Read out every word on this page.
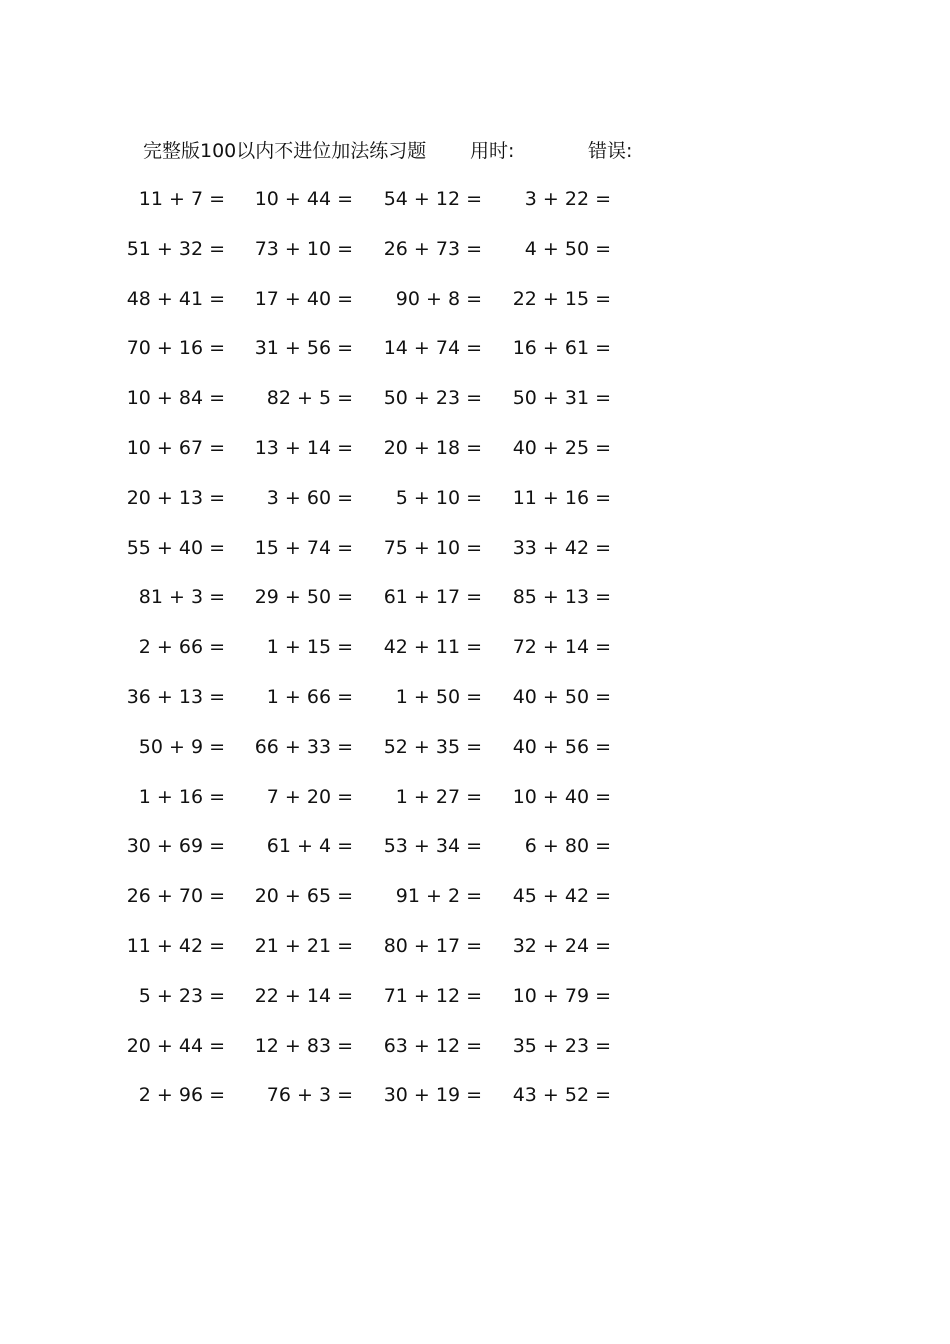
完整版100以内不进位加法练习题 用时:	错误:
11 + 7 = 10 + 44 = 54 + 12 = 3 + 22 =
51 + 32 = 73 + 10 = 26 + 73 = 4 + 50 =
48 + 41 = 17 + 40 = 90 + 8 = 22 + 15 =
70 + 16 = 31 + 56 = 14 + 74 = 16 + 61 =
10 + 84 = 82 + 5 = 50 + 23 = 50 + 31 =
10 + 67 = 13 + 14 = 20 + 18 = 40 + 25 =
20 + 13 = 3 + 60 = 5 + 10 = 11 + 16 =
55 + 40 = 15 + 74 = 75 + 10 = 33 + 42 =
81 + 3 = 29 + 50 = 61 + 17 = 85 + 13 =
2 + 66 = 1 + 15 = 42 + 11 = 72 + 14 =
36 + 13 = 1 + 66 = 1 + 50 = 40 + 50 =
50 + 9 = 66 + 33 = 52 + 35 = 40 + 56 =
1 + 16 = 7 + 20 = 1 + 27 = 10 + 40 =
30 + 69 = 61 + 4 = 53 + 34 = 6 + 80 =
26 + 70 = 20 + 65 = 91 + 2 = 45 + 42 =
11 + 42 = 21 + 21 = 80 + 17 = 32 + 24 =
5 + 23 = 22 + 14 = 71 + 12 = 10 + 79 =
20 + 44 = 12 + 83 = 63 + 12 = 35 + 23 =
2 + 96 = 76 + 3 = 30 + 19 = 43 + 52 =
